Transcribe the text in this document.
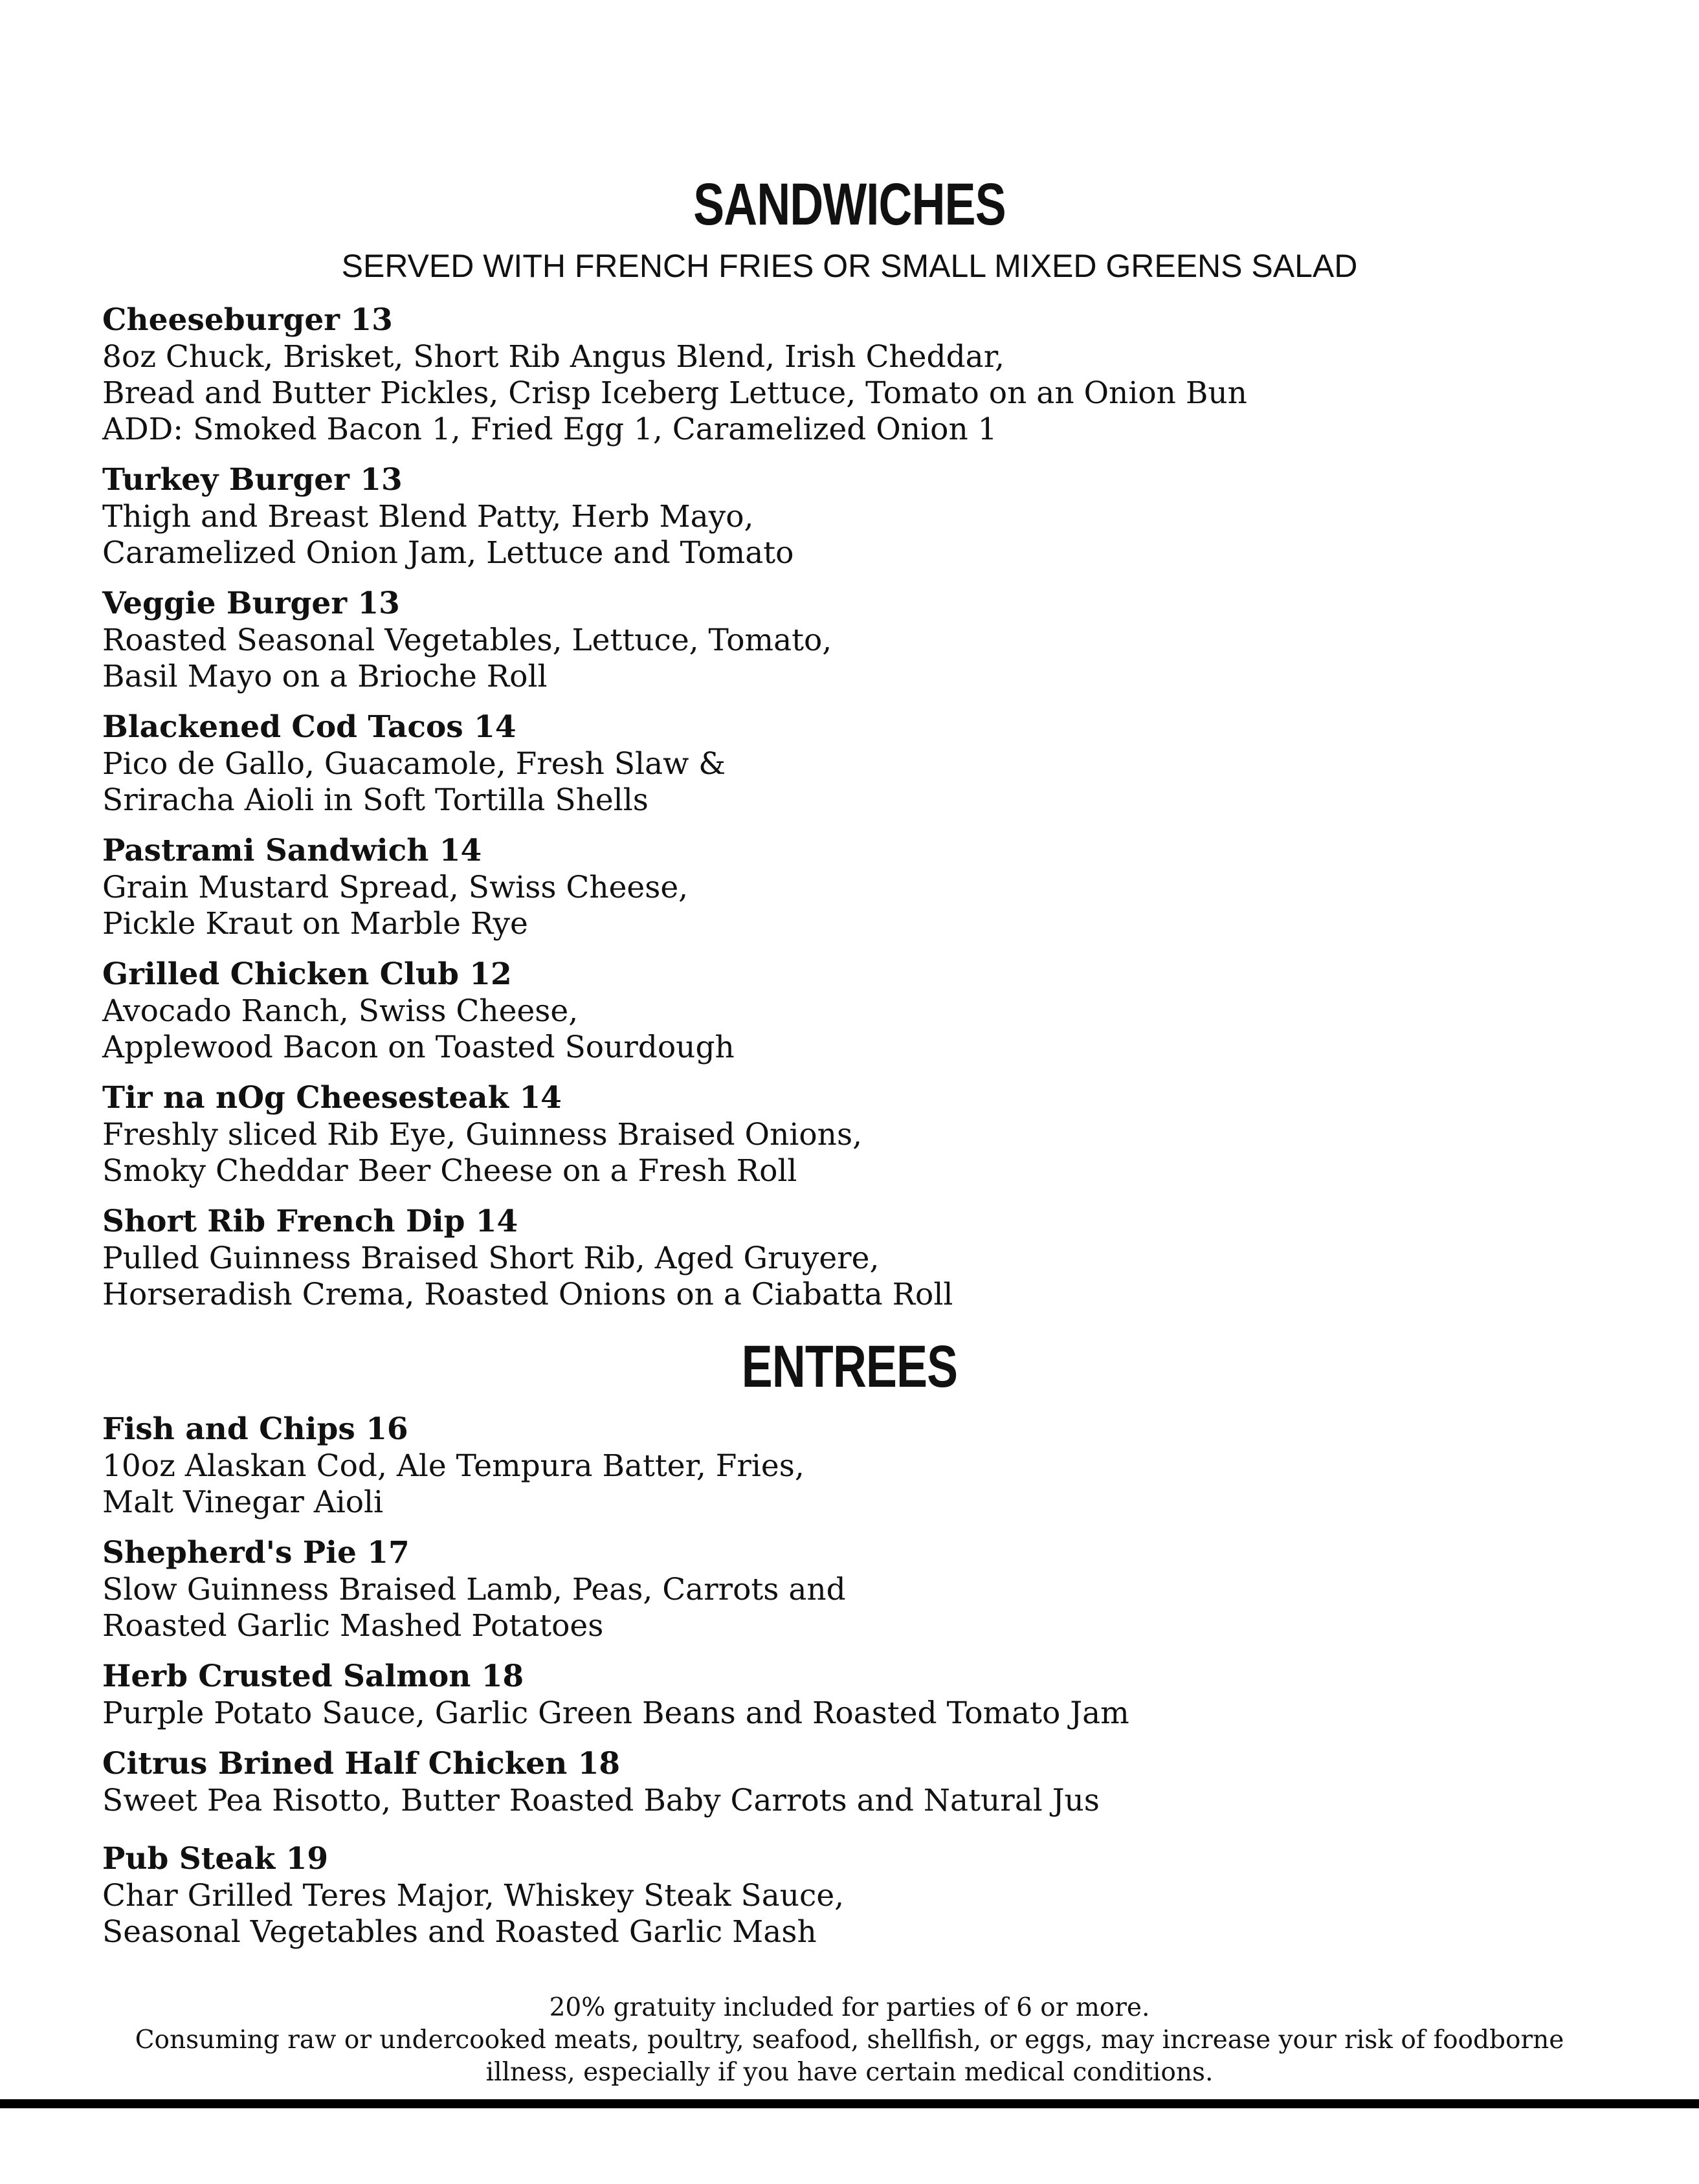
SANDWICHES

SERVED WITH FRENCH FRIES OR SMALL MIXED GREENS SALAD

Cheeseburger 13
8oz Chuck, Brisket, Short Rib Angus Blend, Irish Cheddar,
Bread and Butter Pickles, Crisp Iceberg Lettuce, Tomato on an Onion Bun
ADD: Smoked Bacon 1, Fried Egg 1, Caramelized Onion 1
Turkey Burger 13
Thigh and Breast Blend Patty, Herb Mayo,
Caramelized Onion Jam, Lettuce and Tomato
Veggie Burger 13
Roasted Seasonal Vegetables, Lettuce, Tomato,
Basil Mayo on a Brioche Roll
Blackened Cod Tacos 14
Pico de Gallo, Guacamole, Fresh Slaw &
Sriracha Aioli in Soft Tortilla Shells
Pastrami Sandwich 14
Grain Mustard Spread, Swiss Cheese,
Pickle Kraut on Marble Rye
Grilled Chicken Club 12
Avocado Ranch, Swiss Cheese,
Applewood Bacon on Toasted Sourdough
Tir na nOg Cheesesteak 14
Freshly sliced Rib Eye, Guinness Braised Onions,
Smoky Cheddar Beer Cheese on a Fresh Roll
Short Rib French Dip 14
Pulled Guinness Braised Short Rib, Aged Gruyere,
Horseradish Crema, Roasted Onions on a Ciabatta Roll
ENTREES
Fish and Chips 16
10oz Alaskan Cod, Ale Tempura Batter, Fries,
Malt Vinegar Aioli
Shepherd's Pie 17
Slow Guinness Braised Lamb, Peas, Carrots and
Roasted Garlic Mashed Potatoes
Herb Crusted Salmon 18
Purple Potato Sauce, Garlic Green Beans and Roasted Tomato Jam
Citrus Brined Half Chicken 18
Sweet Pea Risotto, Butter Roasted Baby Carrots and Natural Jus
Pub Steak 19
Char Grilled Teres Major, Whiskey Steak Sauce,
Seasonal Vegetables and Roasted Garlic Mash

20% gratuity included for parties of 6 or more.

Consuming raw or undercooked meats, poultry, seafood, shellfish, or eggs, may increase your risk of foodborne

illness, especially if you have certain medical conditions.
